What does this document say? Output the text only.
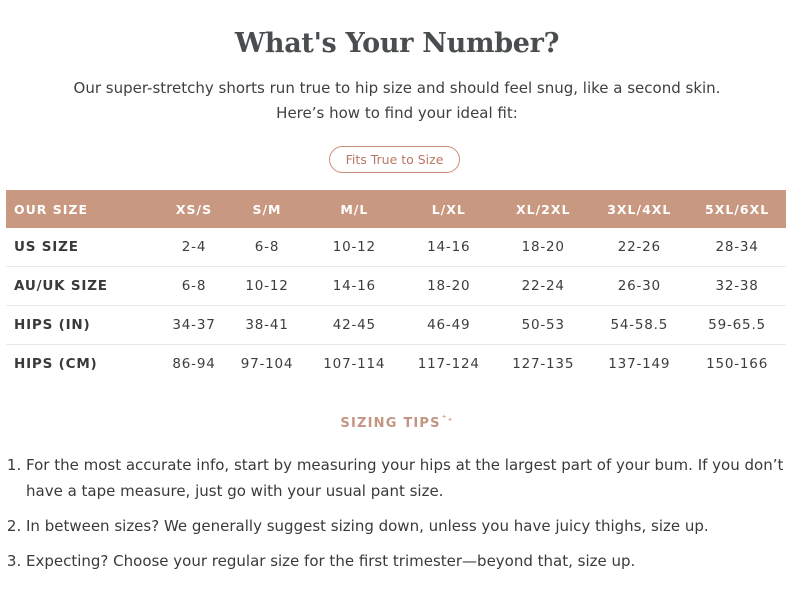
What's Your Number?
Our super-stretchy shorts run true to hip size and should feel snug, like a second skin.
Here’s how to find your ideal fit:
Fits True to Size
OUR SIZE	XS/S	S/M	M/L	L/XL	XL/2XL	3XL/4XL	5XL/6XL
US SIZE	2-4	6-8	10-12	14-16	18-20	22-26	28-34
AU/UK SIZE	6-8	10-12	14-16	18-20	22-24	26-30	32-38
HIPS (IN)	34-37	38-41	42-45	46-49	50-53	54-58.5	59-65.5
HIPS (CM)	86-94	97-104	107-114	117-124	127-135	137-149	150-166
SIZING TIPS⁺₊
1. For the most accurate info, start by measuring your hips at the largest part of your bum. If you don’t have a tape measure, just go with your usual pant size.
2. In between sizes? We generally suggest sizing down, unless you have juicy thighs, size up.
3. Expecting? Choose your regular size for the first trimester—beyond that, size up.
